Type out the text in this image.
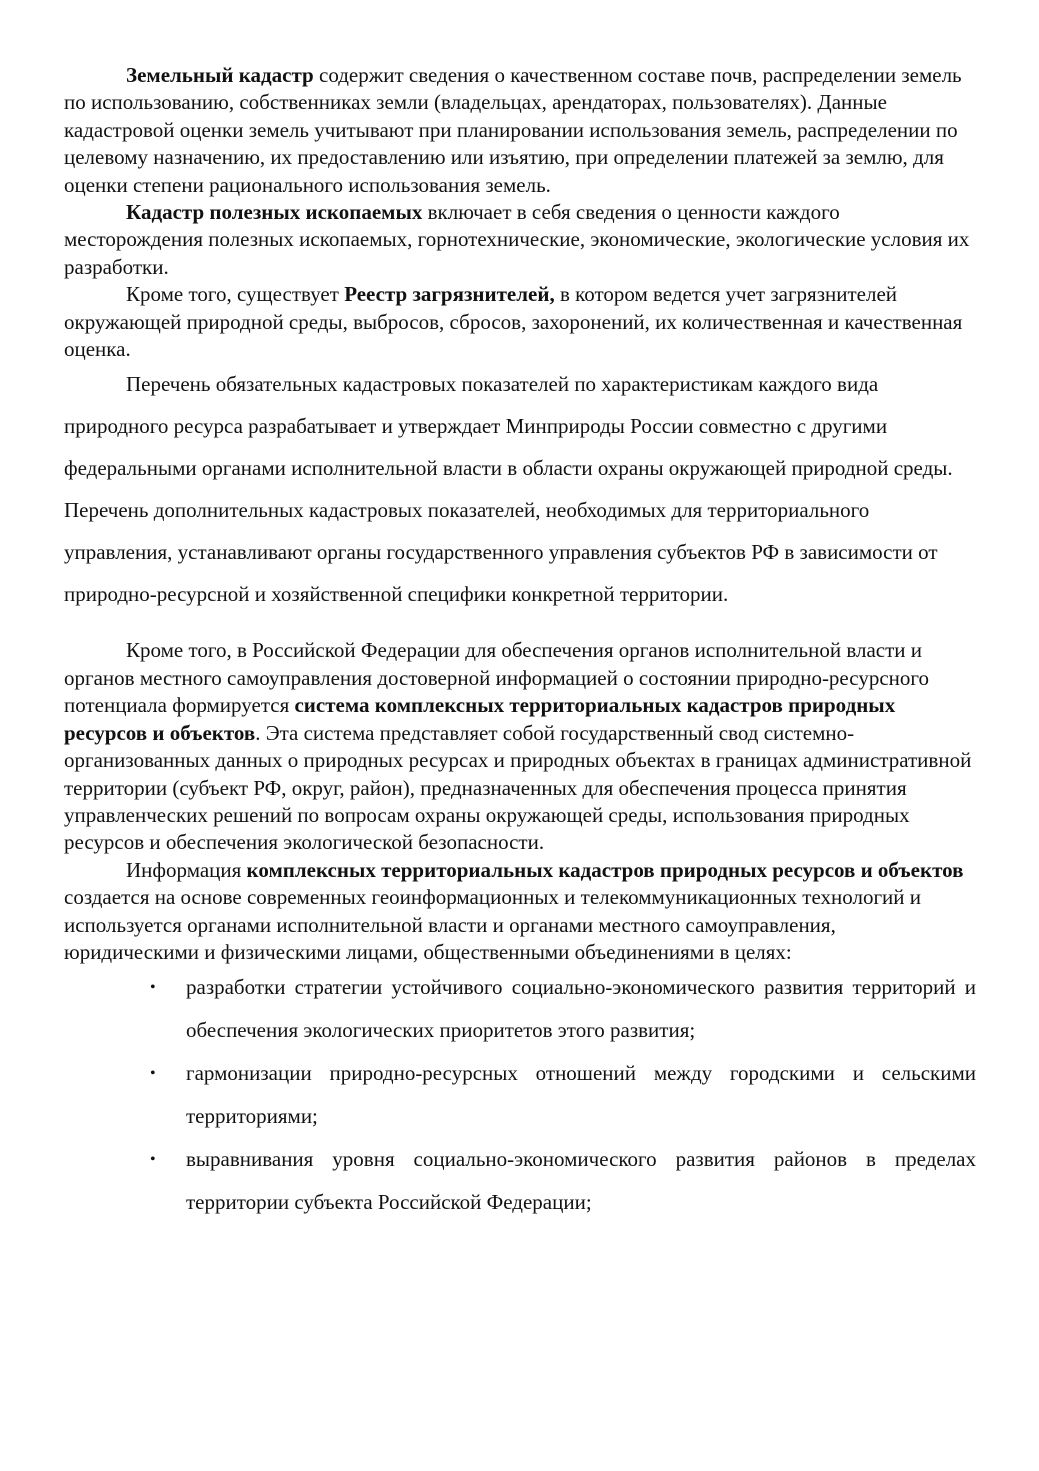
Земельный кадастр содержит сведения о качественном составе почв, распределении земель по использованию, собственниках земли (владельцах, арендаторах, пользователях). Данные кадастровой оценки земель учитывают при планировании использования земель, распределении по целевому назначению, их предоставлению или изъятию, при определении платежей за землю, для оценки степени рационального использования земель.

Кадастр полезных ископаемых включает в себя сведения о ценности каждого месторождения полезных ископаемых, горнотехнические, экономические, экологические условия их разработки.

Кроме того, существует Реестр загрязнителей, в котором ведется учет загрязнителей окружающей природной среды, выбросов, сбросов, захоронений, их количественная и качественная оценка.

Перечень обязательных кадастровых показателей по характеристикам каждого вида природного ресурса разрабатывает и утверждает Минприроды России совместно с другими федеральными органами исполнительной власти в области охраны окружающей природной среды. Перечень дополнительных кадастровых показателей, необходимых для территориального управления, устанавливают органы государственного управления субъектов РФ в зависимости от природно-ресурсной и хозяйственной специфики конкретной территории.

Кроме того, в Российской Федерации для обеспечения органов исполнительной власти и органов местного самоуправления достоверной информацией о состоянии природно-ресурсного потенциала формируется система комплексных территориальных кадастров природных ресурсов и объектов. Эта система представляет собой государственный свод системно-организованных данных о природных ресурсах и природных объектах в границах административной территории (субъект РФ, округ, район), предназначенных для обеспечения процесса принятия управленческих решений по вопросам охраны окружающей среды, использования природных ресурсов и обеспечения экологической безопасности.

Информация комплексных территориальных кадастров природных ресурсов и объектов создается на основе современных геоинформационных и телекоммуникационных технологий и используется органами исполнительной власти и органами местного самоуправления, юридическими и физическими лицами, общественными объединениями в целях:

• разработки стратегии устойчивого социально-экономического развития территорий и обеспечения экологических приоритетов этого развития;
• гармонизации природно-ресурсных отношений между городскими и сельскими территориями;
• выравнивания уровня социально-экономического развития районов в пределах территории субъекта Российской Федерации;
